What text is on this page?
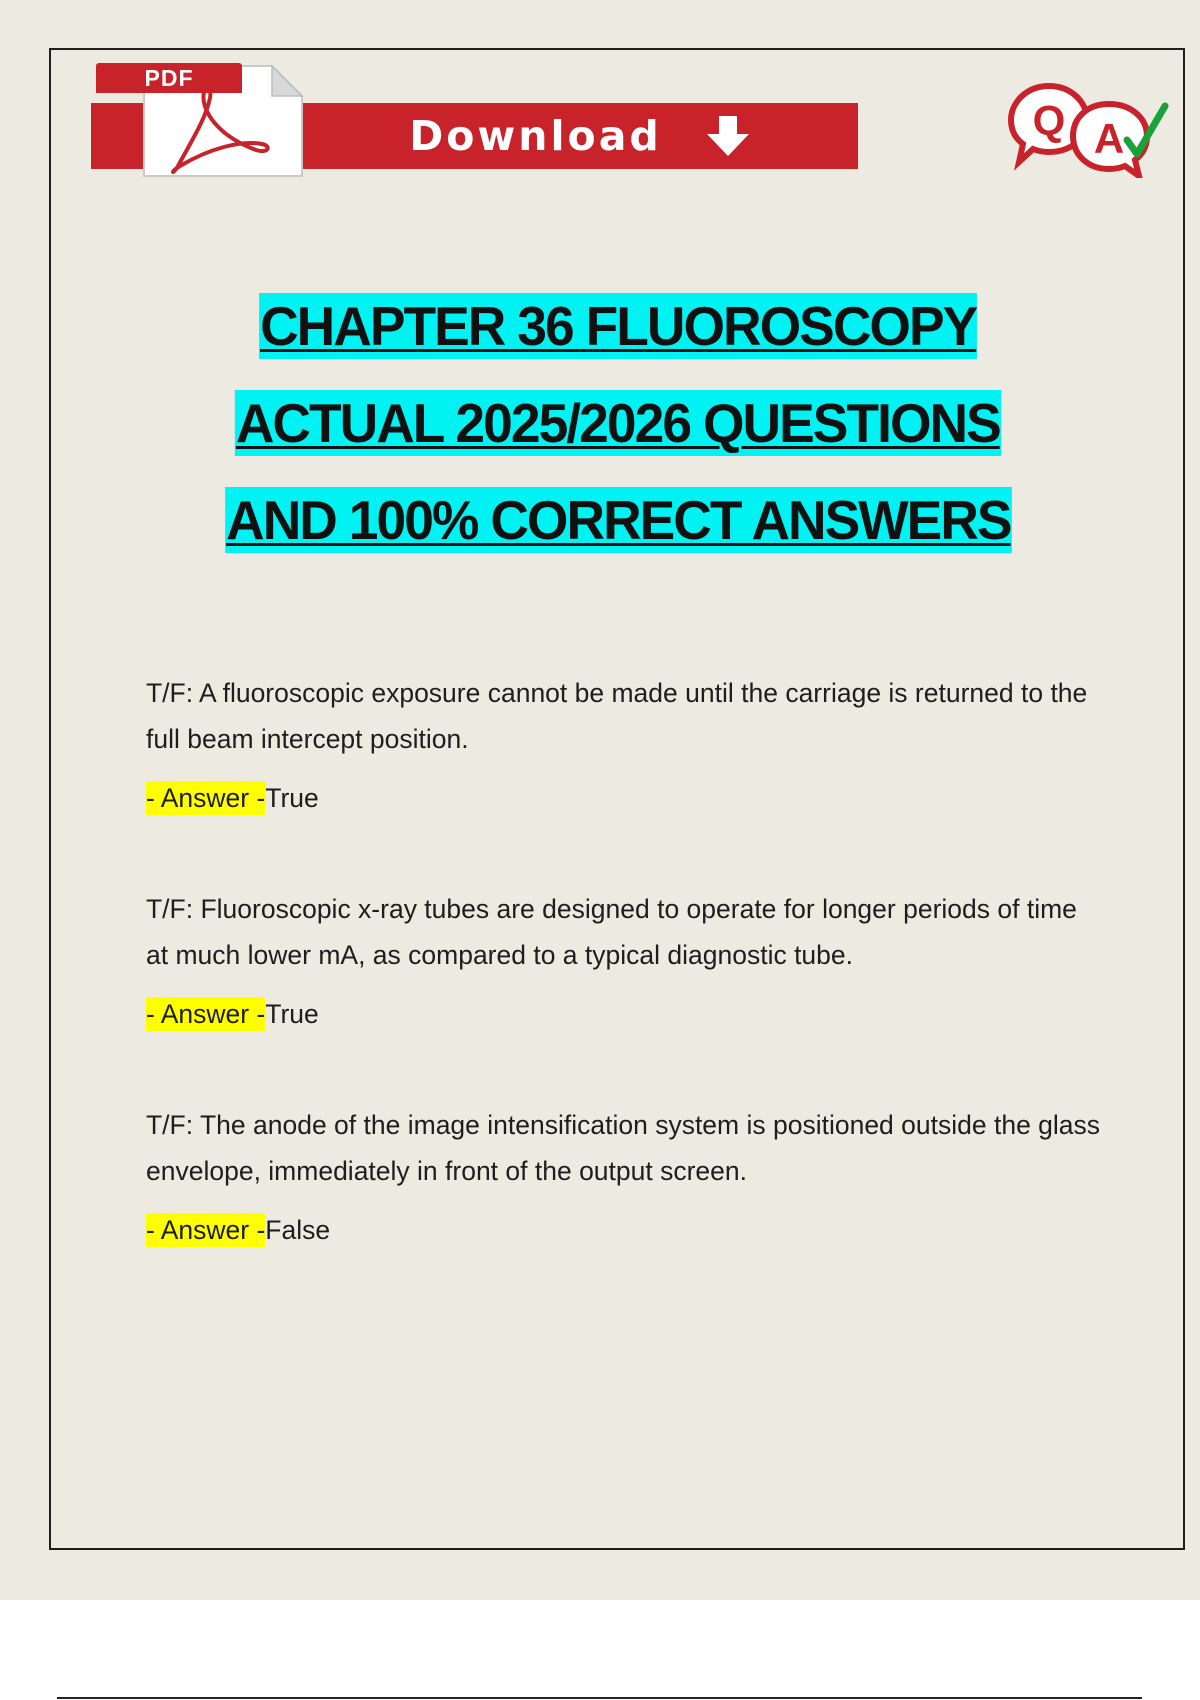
Download
PDF
Q A
CHAPTER 36 FLUOROSCOPY
ACTUAL 2025/2026 QUESTIONS
AND 100% CORRECT ANSWERS

T/F: A fluoroscopic exposure cannot be made until the carriage is returned to the full beam intercept position.

- Answer -True

T/F: Fluoroscopic x-ray tubes are designed to operate for longer periods of time at much lower mA, as compared to a typical diagnostic tube.

- Answer -True

T/F: The anode of the image intensification system is positioned outside the glass envelope, immediately in front of the output screen.

- Answer -False
